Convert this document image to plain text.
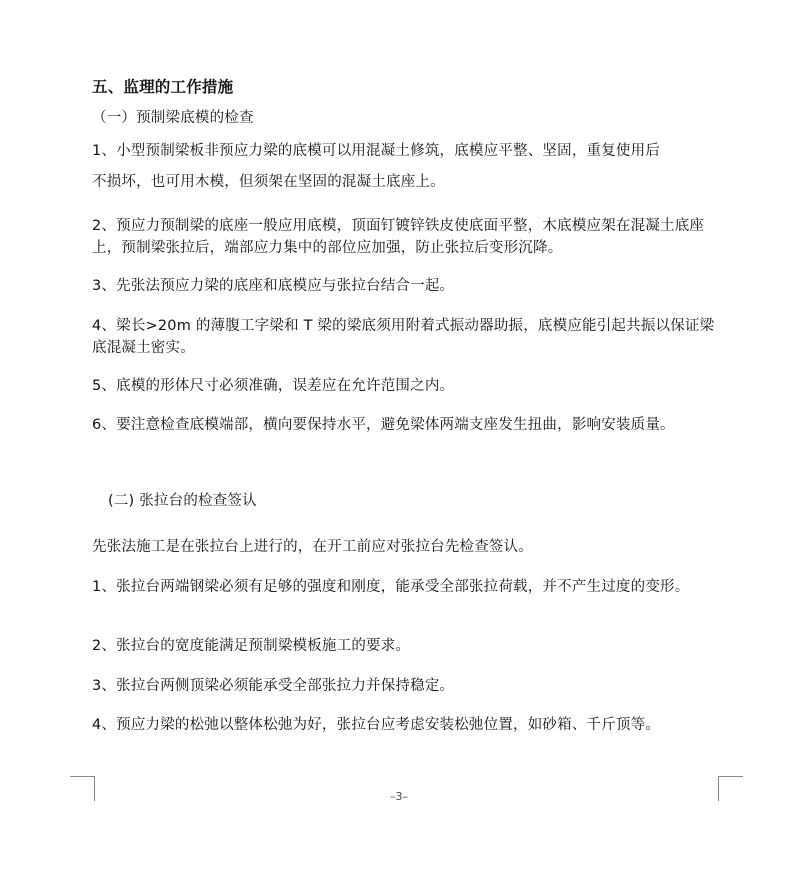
五、监理的工作措施
（一）预制梁底模的检查
1、小型预制梁板非预应力梁的底模可以用混凝土修筑，底模应平整、坚固，重复使用后
不损坏，也可用木模，但须架在坚固的混凝土底座上。
2、预应力预制梁的底座一般应用底模，顶面钉镀锌铁皮使底面平整，木底模应架在混凝土底座上，预制梁张拉后，端部应力集中的部位应加强，防止张拉后变形沉降。
3、先张法预应力梁的底座和底模应与张拉台结合一起。
4、梁长>20m 的薄腹工字梁和 T 梁的梁底须用附着式振动器助振，底模应能引起共振以保证梁底混凝土密实。
5、底模的形体尺寸必须准确，误差应在允许范围之内。
6、要注意检查底模端部，横向要保持水平，避免梁体两端支座发生扭曲，影响安装质量。
(二) 张拉台的检查签认
先张法施工是在张拉台上进行的，在开工前应对张拉台先检查签认。
1、张拉台两端钢梁必须有足够的强度和刚度，能承受全部张拉荷载，并不产生过度的变形。
2、张拉台的宽度能满足预制梁模板施工的要求。
3、张拉台两侧顶梁必须能承受全部张拉力并保持稳定。
4、预应力梁的松弛以整体松弛为好，张拉台应考虑安装松弛位置，如砂箱、千斤顶等。
–3–
